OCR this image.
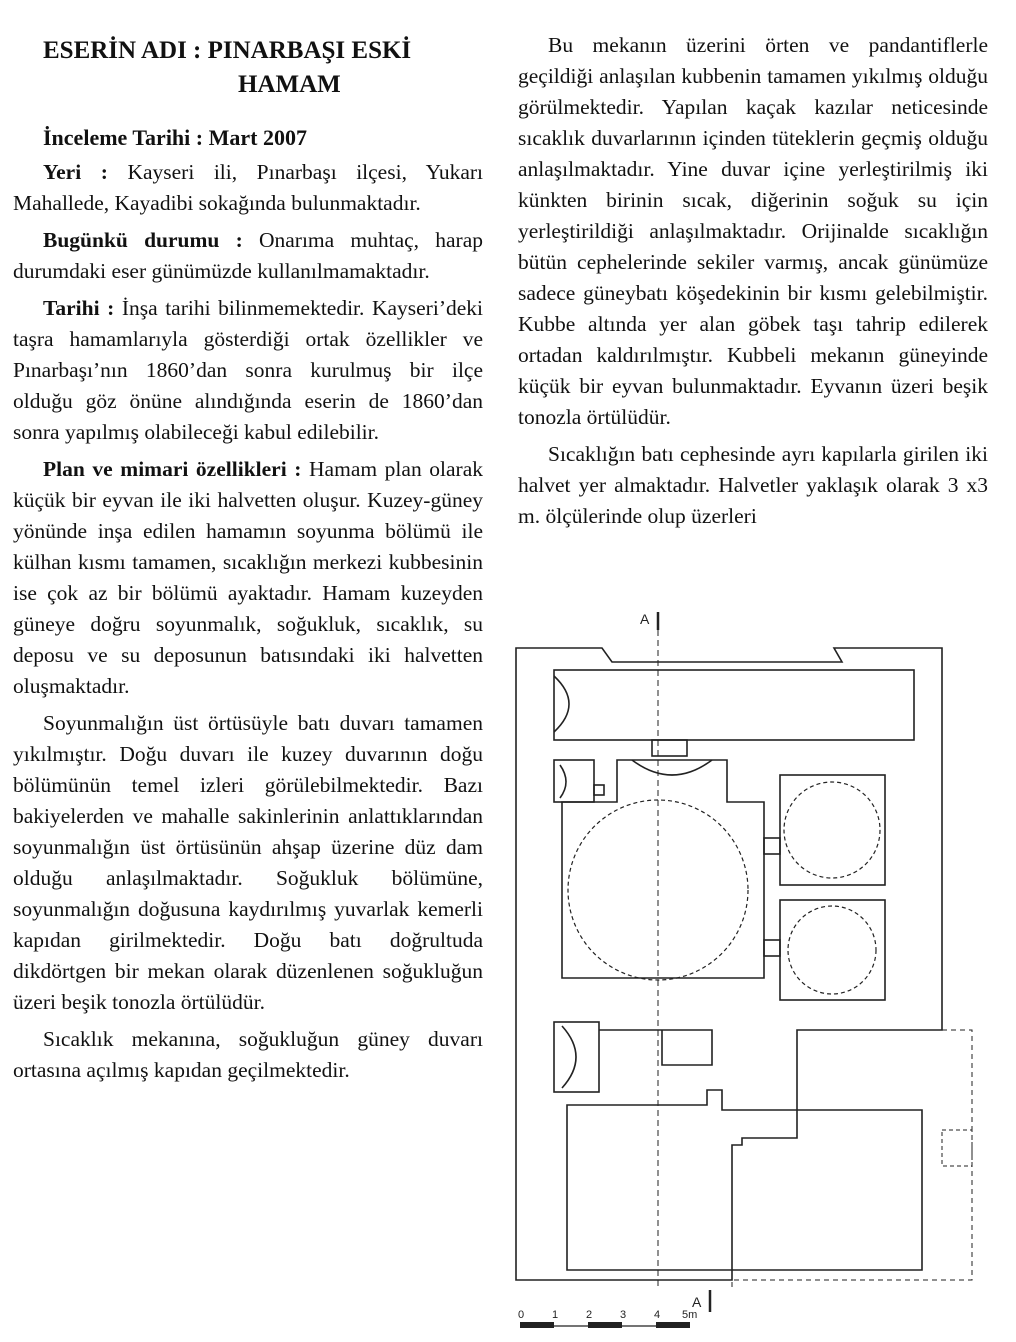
ESERİN ADI : PINARBAŞI ESKİ
HAMAM

İnceleme Tarihi : Mart 2007

Yeri : Kayseri ili, Pınarbaşı ilçesi, Yukarı Mahallede, Kayadibi sokağında bulunmaktadır.

Bugünkü durumu : Onarıma muhtaç, harap durumdaki eser günümüzde kullanılmamaktadır.

Tarihi : İnşa tarihi bilinmemektedir. Kayseri’deki taşra hamamlarıyla gösterdiği ortak özellikler ve Pınarbaşı’nın 1860’dan sonra kurulmuş bir ilçe olduğu göz önüne alındığında eserin de 1860’dan sonra yapılmış olabileceği kabul edilebilir.

Plan ve mimari özellikleri : Hamam plan olarak küçük bir eyvan ile iki halvetten oluşur. Kuzey-güney yönünde inşa edilen hamamın soyunma bölümü ile külhan kısmı tamamen, sıcaklığın merkezi kubbesinin ise çok az bir bölümü ayaktadır. Hamam kuzeyden güneye doğru soyunmalık, soğukluk, sıcaklık, su deposu ve su deposunun batısındaki iki halvetten oluşmaktadır.

Soyunmalığın üst örtüsüyle batı duvarı tamamen yıkılmıştır. Doğu duvarı ile kuzey duvarının doğu bölümünün temel izleri görülebilmektedir. Bazı bakiyelerden ve mahalle sakinlerinin anlattıklarından soyunmalığın üst örtüsünün ahşap üzerine düz dam olduğu anlaşılmaktadır. Soğukluk bölümüne, soyunmalığın doğusuna kaydırılmış yuvarlak kemerli kapıdan girilmektedir. Doğu batı doğrultuda dikdörtgen bir mekan olarak düzenlenen soğukluğun üzeri beşik tonozla örtülüdür.

Sıcaklık mekanına, soğukluğun güney duvarı ortasına açılmış kapıdan geçilmektedir.

Bu mekanın üzerini örten ve pandantiflerle geçildiği anlaşılan kubbenin tamamen yıkılmış olduğu görülmektedir. Yapılan kaçak kazılar neticesinde sıcaklık duvarlarının içinden tüteklerin geçmiş olduğu anlaşılmaktadır. Yine duvar içine yerleştirilmiş iki künkten birinin sıcak, diğerinin soğuk su için yerleştirildiği anlaşılmaktadır. Orijinalde sıcaklığın bütün cephelerinde sekiler varmış, ancak günümüze sadece güneybatı köşedekinin bir kısmı gelebilmiştir. Kubbe altında yer alan göbek taşı tahrip edilerek ortadan kaldırılmıştır. Kubbeli mekanın güneyinde küçük bir eyvan bulunmaktadır. Eyvanın üzeri beşik tonozla örtülüdür.

Sıcaklığın batı cephesinde ayrı kapılarla girilen iki halvet yer almaktadır. Halvetler yaklaşık olarak 3 x3 m. ölçülerinde olup üzerleri

A
A
0	1	2	3	4 5m
